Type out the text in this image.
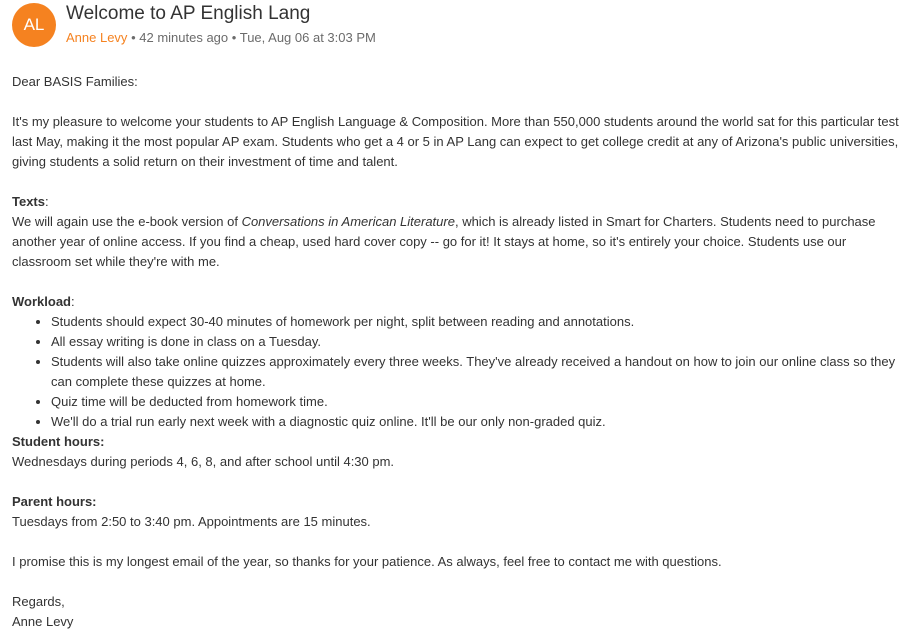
AL
Welcome to AP English Lang
Anne Levy • 42 minutes ago • Tue, Aug 06 at 3:03 PM

Dear BASIS Families:

It's my pleasure to welcome your students to AP English Language & Composition. More than 550,000 students around the world sat for this particular test last May, making it the most popular AP exam. Students who get a 4 or 5 in AP Lang can expect to get college credit at any of Arizona's public universities, giving students a solid return on their investment of time and talent.

Texts:

We will again use the e-book version of Conversations in American Literature, which is already listed in Smart for Charters. Students need to purchase another year of online access. If you find a cheap, used hard cover copy -- go for it! It stays at home, so it's entirely your choice. Students use our classroom set while they're with me.

Workload:

• Students should expect 30-40 minutes of homework per night, split between reading and annotations.
• All essay writing is done in class on a Tuesday.
• Students will also take online quizzes approximately every three weeks. They've already received a handout on how to join our online class so they can complete these quizzes at home.
• Quiz time will be deducted from homework time.
• We'll do a trial run early next week with a diagnostic quiz online. It'll be our only non-graded quiz.

Student hours:

Wednesdays during periods 4, 6, 8, and after school until 4:30 pm.

Parent hours:

Tuesdays from 2:50 to 3:40 pm. Appointments are 15 minutes.

I promise this is my longest email of the year, so thanks for your patience. As always, feel free to contact me with questions.

Regards,

Anne Levy
